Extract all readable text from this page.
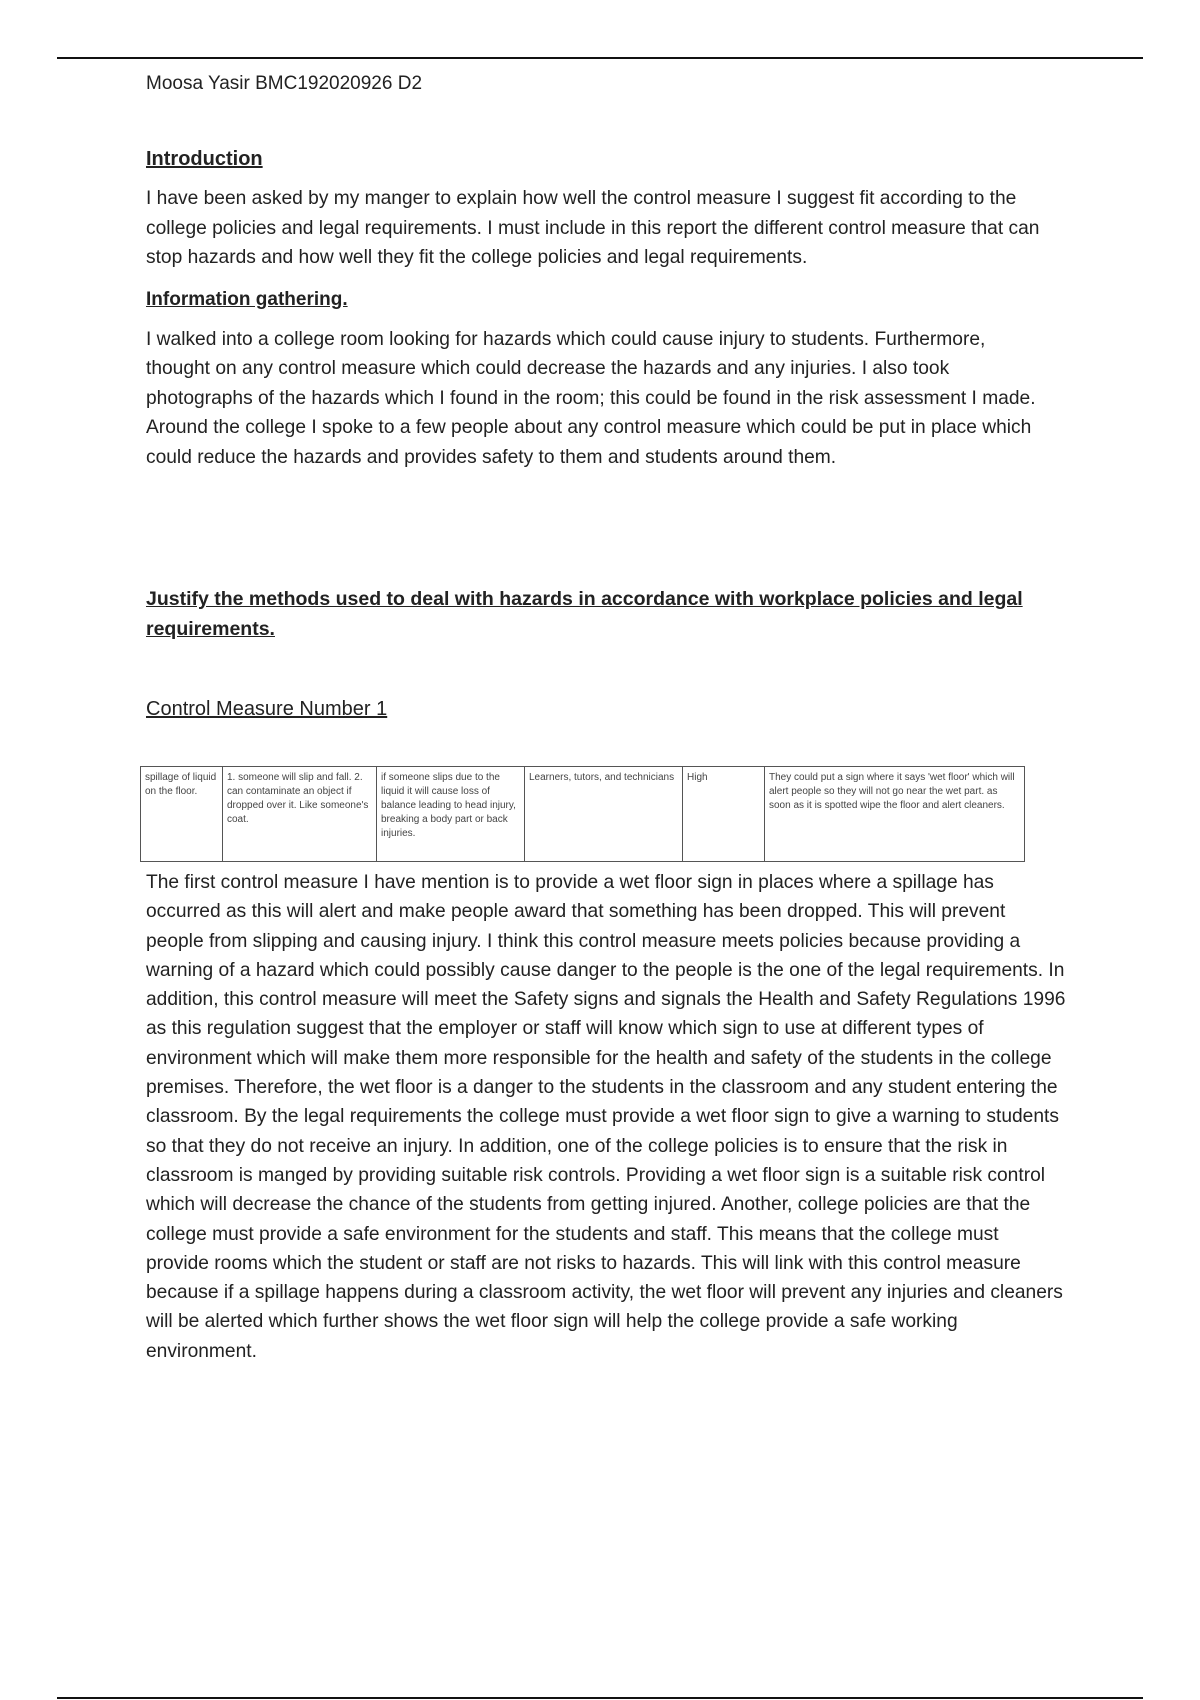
Moosa Yasir BMC192020926 D2
Introduction

I have been asked by my manger to explain how well the control measure I suggest fit according to the college policies and legal requirements. I must include in this report the different control measure that can stop hazards and how well they fit the college policies and legal requirements.

Information gathering.

I walked into a college room looking for hazards which could cause injury to students. Furthermore, thought on any control measure which could decrease the hazards and any injuries. I also took photographs of the hazards which I found in the room; this could be found in the risk assessment I made. Around the college I spoke to a few people about any control measure which could be put in place which could reduce the hazards and provides safety to them and students around them.

Justify the methods used to deal with hazards in accordance with workplace policies and legal requirements.
Control Measure Number 1
spillage of liquid on the floor.	1. someone will slip and fall. 2. can contaminate an object if dropped over it. Like someone's coat.	if someone slips due to the liquid it will cause loss of balance leading to head injury, breaking a body part or back injuries.	Learners, tutors, and technicians	High	They could put a sign where it says 'wet floor' which will alert people so they will not go near the wet part. as soon as it is spotted wipe the floor and alert cleaners.

The first control measure I have mention is to provide a wet floor sign in places where a spillage has occurred as this will alert and make people award that something has been dropped. This will prevent people from slipping and causing injury. I think this control measure meets policies because providing a warning of a hazard which could possibly cause danger to the people is the one of the legal requirements. In addition, this control measure will meet the Safety signs and signals the Health and Safety Regulations 1996 as this regulation suggest that the employer or staff will know which sign to use at different types of environment which will make them more responsible for the health and safety of the students in the college premises. Therefore, the wet floor is a danger to the students in the classroom and any student entering the classroom. By the legal requirements the college must provide a wet floor sign to give a warning to students so that they do not receive an injury. In addition, one of the college policies is to ensure that the risk in classroom is manged by providing suitable risk controls. Providing a wet floor sign is a suitable risk control which will decrease the chance of the students from getting injured. Another, college policies are that the college must provide a safe environment for the students and staff. This means that the college must provide rooms which the student or staff are not risks to hazards. This will link with this control measure because if a spillage happens during a classroom activity, the wet floor will prevent any injuries and cleaners will be alerted which further shows the wet floor sign will help the college provide a safe working environment.
